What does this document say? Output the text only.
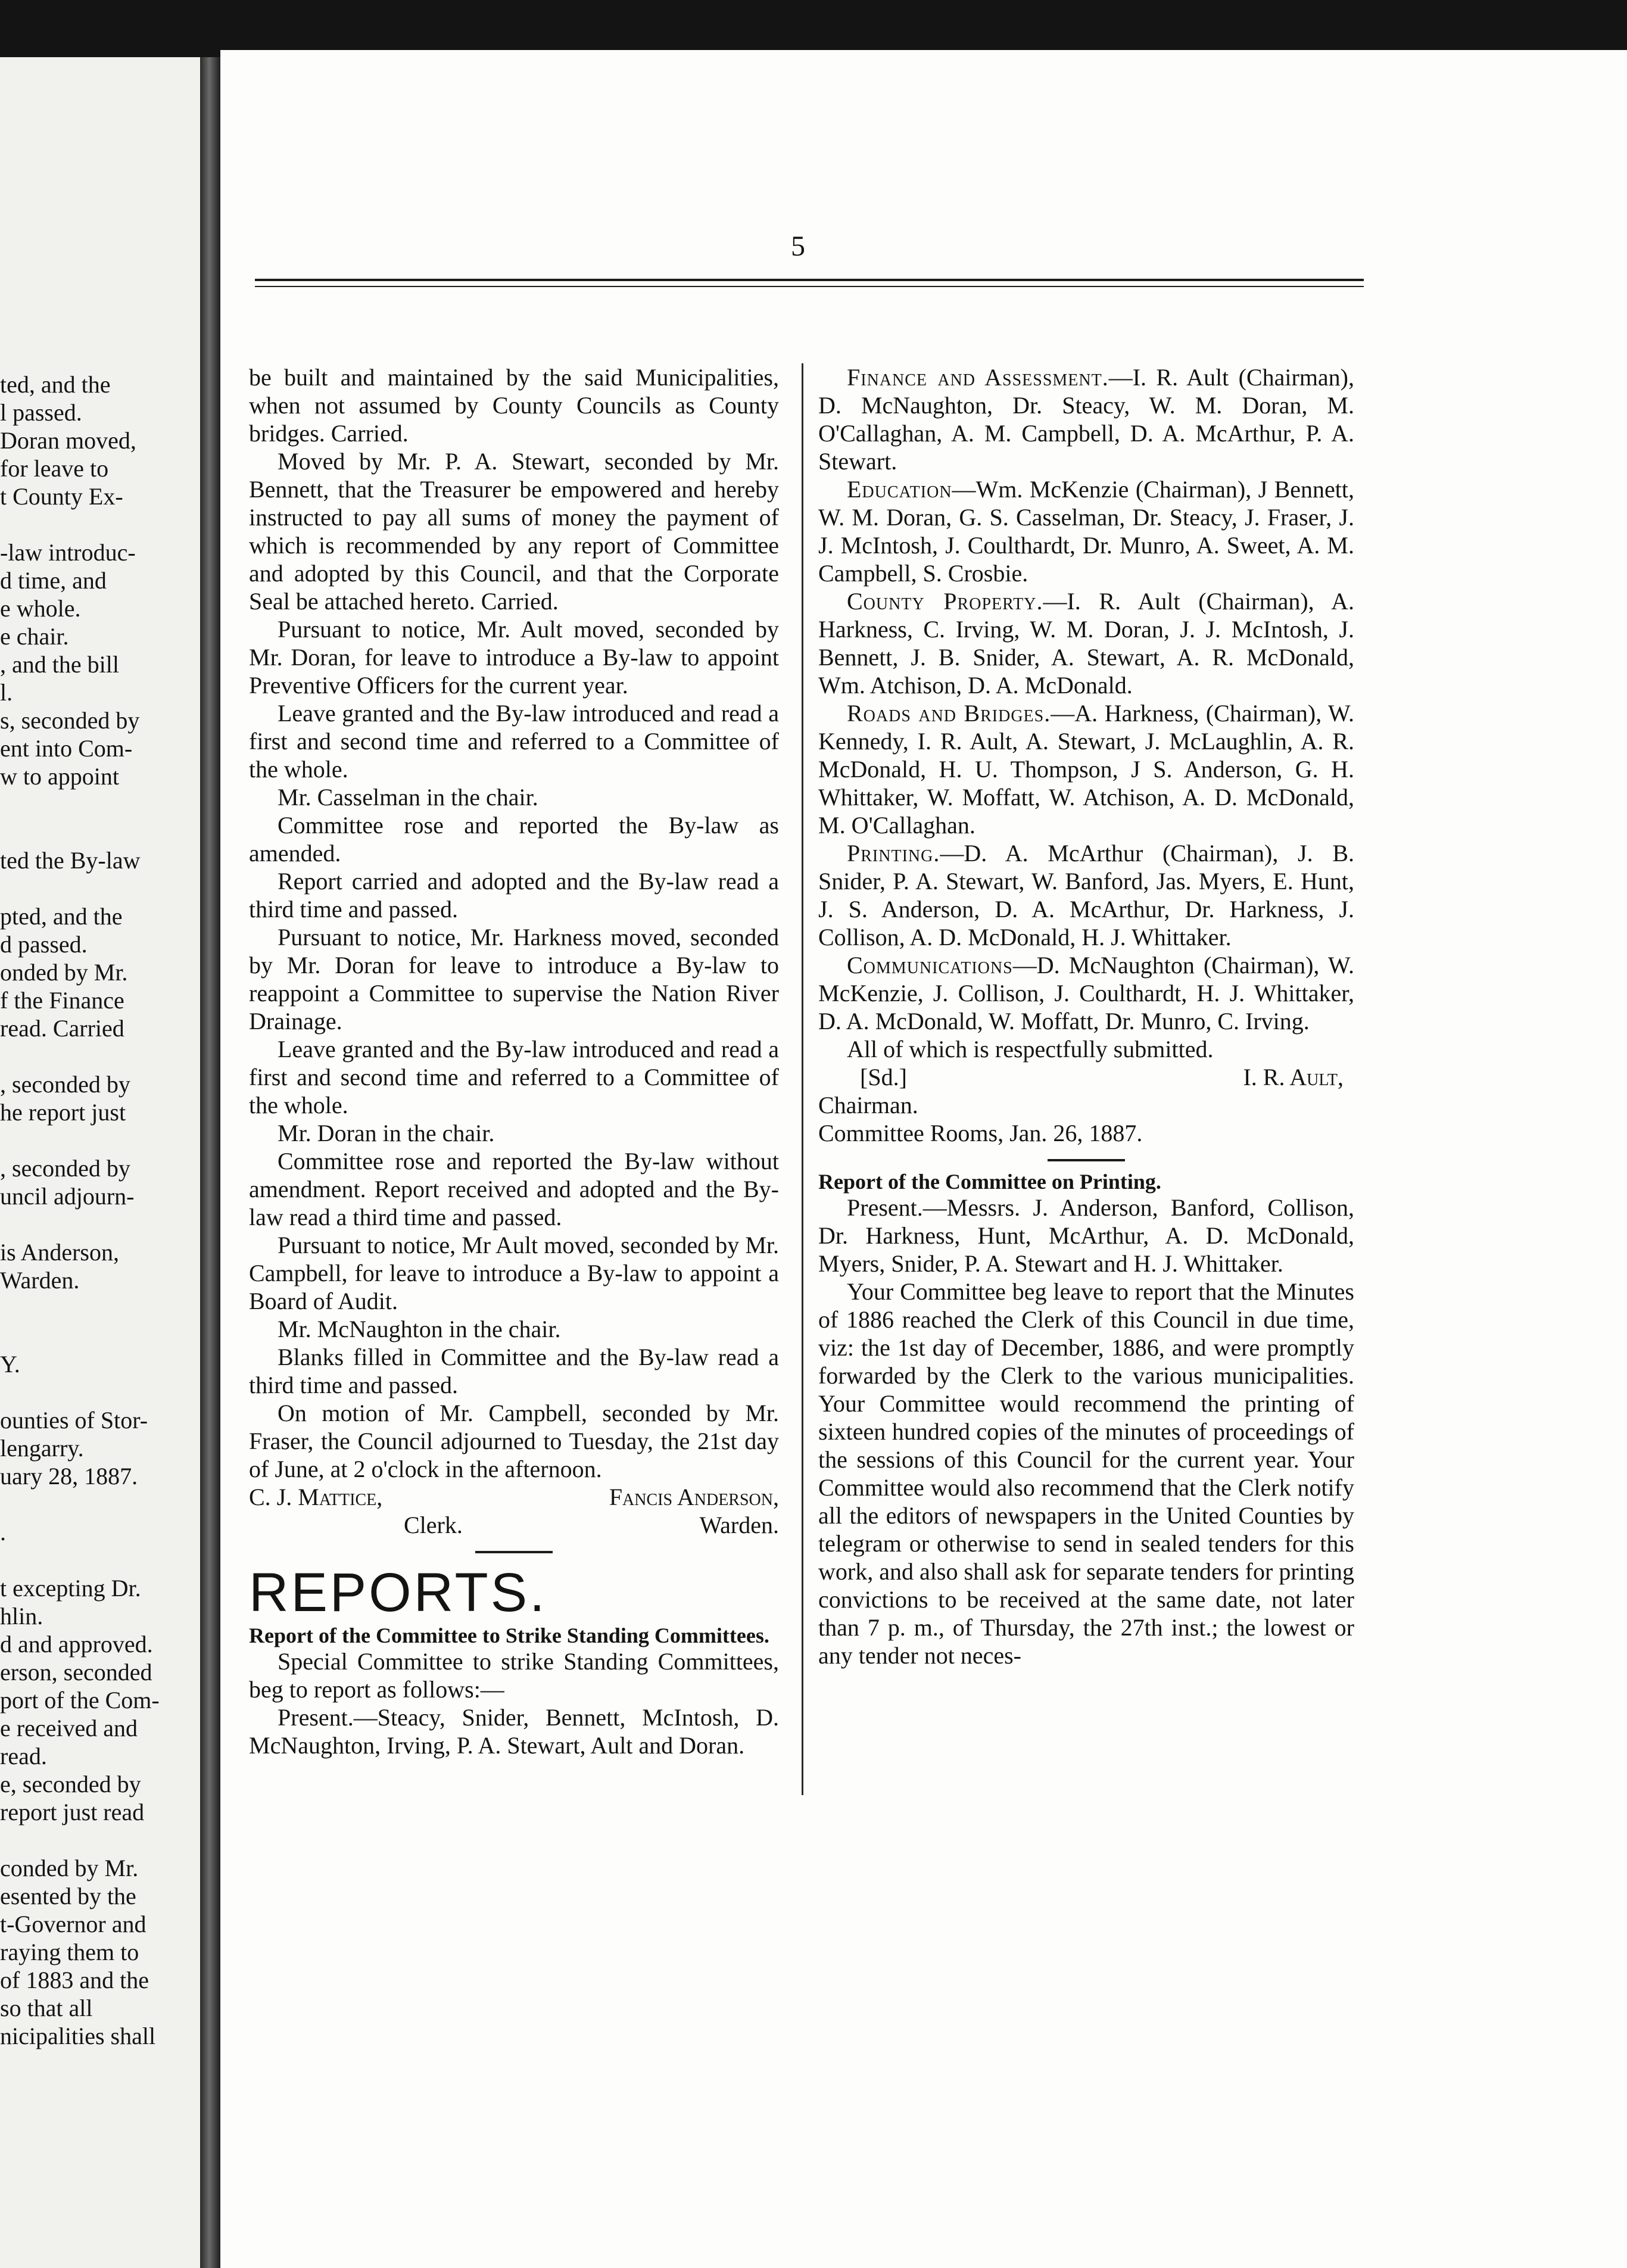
ted, and the
l passed.
Doran moved,
for leave to
t County Ex-
-law introduc-
d time, and
e whole.
e chair.
, and the bill
l.
s, seconded by
ent into Com-
w to appoint
ted the By-law
pted, and the
d passed.
onded by Mr.
f the Finance
read. Carried
, seconded by
he report just
, seconded by
uncil adjourn-
is Anderson,
Warden.
Y.
ounties of Stor-
lengarry.
uary 28, 1887.
.
t excepting Dr.
hlin.
d and approved.
erson, seconded
port of the Com-
e received and
read.
e, seconded by
report just read
conded by Mr.
esented by the
t-Governor and
raying them to
of 1883 and the
so that all
nicipalities shall
5

be built and maintained by the said Municipalities, when not assumed by County Councils as County bridges. Carried.

Moved by Mr. P. A. Stewart, seconded by Mr. Bennett, that the Treasurer be empowered and hereby instructed to pay all sums of money the payment of which is recommended by any report of Committee and adopted by this Council, and that the Corporate Seal be attached hereto. Carried.

Pursuant to notice, Mr. Ault moved, seconded by Mr. Doran, for leave to introduce a By-law to appoint Preventive Officers for the current year.

Leave granted and the By-law introduced and read a first and second time and referred to a Committee of the whole.

Mr. Casselman in the chair.

Committee rose and reported the By-law as amended.

Report carried and adopted and the By-law read a third time and passed.

Pursuant to notice, Mr. Harkness moved, seconded by Mr. Doran for leave to introduce a By-law to reappoint a Committee to supervise the Nation River Drainage.

Leave granted and the By-law introduced and read a first and second time and referred to a Committee of the whole.

Mr. Doran in the chair.

Committee rose and reported the By-law without amendment. Report received and adopted and the By-law read a third time and passed.

Pursuant to notice, Mr Ault moved, seconded by Mr. Campbell, for leave to introduce a By-law to appoint a Board of Audit.

Mr. McNaughton in the chair.

Blanks filled in Committee and the By-law read a third time and passed.

On motion of Mr. Campbell, seconded by Mr. Fraser, the Council adjourned to Tuesday, the 21st day of June, at 2 o'clock in the afternoon.

C. J. Mattice,	Fancis Anderson,
Clerk.	Warden.

REPORTS.

Report of the Committee to Strike Standing Committees.

Special Committee to strike Standing Committees, beg to report as follows:—

Present.—Steacy, Snider, Bennett, McIntosh, D. McNaughton, Irving, P. A. Stewart, Ault and Doran.

Finance and Assessment.—I. R. Ault (Chairman), D. McNaughton, Dr. Steacy, W. M. Doran, M. O'Callaghan, A. M. Campbell, D. A. McArthur, P. A. Stewart.

Education—Wm. McKenzie (Chairman), J Bennett, W. M. Doran, G. S. Casselman, Dr. Steacy, J. Fraser, J. J. McIntosh, J. Coulthardt, Dr. Munro, A. Sweet, A. M. Campbell, S. Crosbie.

County Property.—I. R. Ault (Chairman), A. Harkness, C. Irving, W. M. Doran, J. J. McIntosh, J. Bennett, J. B. Snider, A. Stewart, A. R. McDonald, Wm. Atchison, D. A. McDonald.

Roads and Bridges.—A. Harkness, (Chairman), W. Kennedy, I. R. Ault, A. Stewart, J. McLaughlin, A. R. McDonald, H. U. Thompson, J S. Anderson, G. H. Whittaker, W. Moffatt, W. Atchison, A. D. McDonald, M. O'Callaghan.

Printing.—D. A. McArthur (Chairman), J. B. Snider, P. A. Stewart, W. Banford, Jas. Myers, E. Hunt, J. S. Anderson, D. A. McArthur, Dr. Harkness, J. Collison, A. D. McDonald, H. J. Whittaker.

Communications—D. McNaughton (Chairman), W. McKenzie, J. Collison, J. Coulthardt, H. J. Whittaker, D. A. McDonald, W. Moffatt, Dr. Munro, C. Irving.

All of which is respectfully submitted.

[Sd.]	I. R. Ault,

Chairman.

Committee Rooms, Jan. 26, 1887.

Report of the Committee on Printing.

Present.—Messrs. J. Anderson, Banford, Collison, Dr. Harkness, Hunt, McArthur, A. D. McDonald, Myers, Snider, P. A. Stewart and H. J. Whittaker.

Your Committee beg leave to report that the Minutes of 1886 reached the Clerk of this Council in due time, viz: the 1st day of December, 1886, and were promptly forwarded by the Clerk to the various municipalities. Your Committee would recommend the printing of sixteen hundred copies of the minutes of proceedings of the sessions of this Council for the current year. Your Committee would also recommend that the Clerk notify all the editors of newspapers in the United Counties by telegram or otherwise to send in sealed tenders for this work, and also shall ask for separate tenders for printing convictions to be received at the same date, not later than 7 p. m., of Thursday, the 27th inst.; the lowest or any tender not neces-
